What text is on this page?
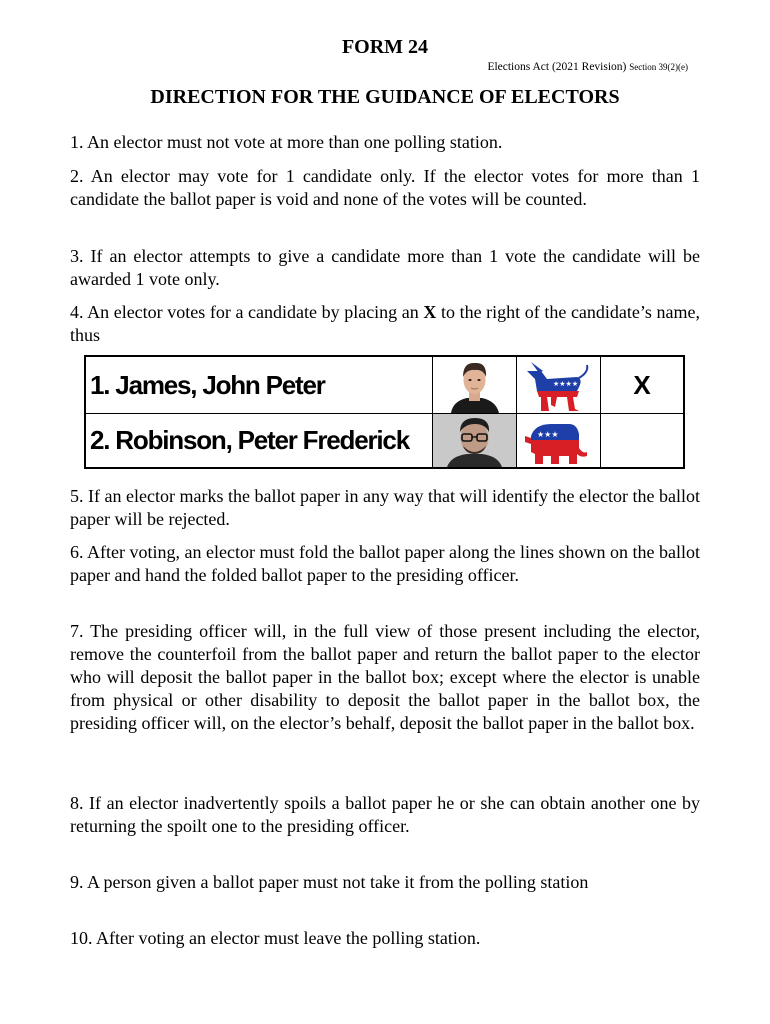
FORM 24
Elections Act (2021 Revision) Section 39(2)(e)
DIRECTION FOR THE GUIDANCE OF ELECTORS

1. An elector must not vote at more than one polling station.

2. An elector may vote for 1 candidate only. If the elector votes for more than 1 candidate the ballot paper is void and none of the votes will be counted.

3. If an elector attempts to give a candidate more than 1 vote the candidate will be awarded 1 vote only.

4. An elector votes for a candidate by placing an X to the right of the candidate’s name, thus

1. James, John Peter	★★★★ X
2. Robinson, Peter Frederick	★★★

5. If an elector marks the ballot paper in any way that will identify the elector the ballot paper will be rejected.

6. After voting, an elector must fold the ballot paper along the lines shown on the ballot paper and hand the folded ballot paper to the presiding officer.

7. The presiding officer will, in the full view of those present including the elector, remove the counterfoil from the ballot paper and return the ballot paper to the elector who will deposit the ballot paper in the ballot box; except where the elector is unable from physical or other disability to deposit the ballot paper in the ballot box, the presiding officer will, on the elector’s behalf, deposit the ballot paper in the ballot box.

8. If an elector inadvertently spoils a ballot paper he or she can obtain another one by returning the spoilt one to the presiding officer.

9. A person given a ballot paper must not take it from the polling station

10. After voting an elector must leave the polling station.
